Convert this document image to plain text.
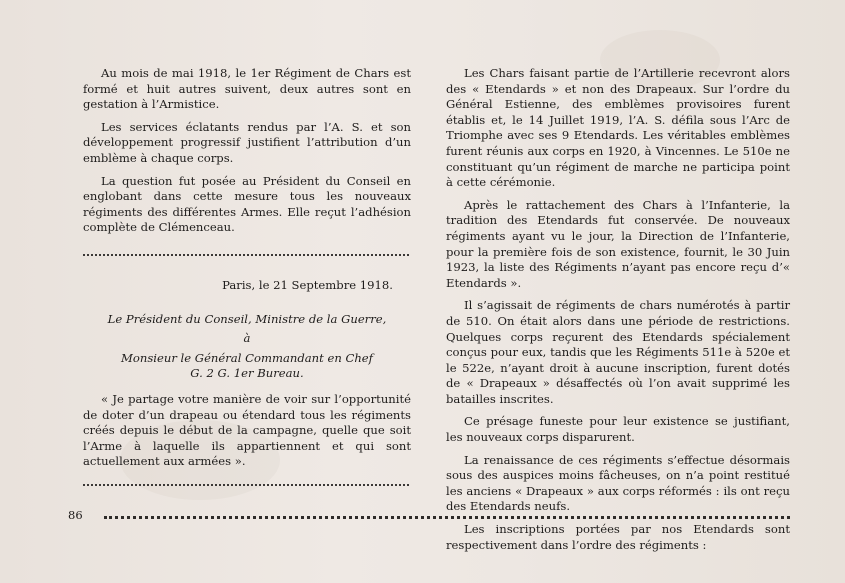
Au mois de mai 1918, le 1er Régiment de Chars est formé et huit autres suivent, deux autres sont en gestation à l’Armistice.

Les services éclatants rendus par l’A. S. et son développement progressif justifient l’attribution d’un emblème à chaque corps.

La question fut posée au Président du Conseil en englobant dans cette mesure tous les nouveaux régiments des différentes Armes. Elle reçut l’adhésion complète de Clémenceau.

Paris, le 21 Septembre 1918.

Le Président du Conseil, Ministre de la Guerre,

à

Monsieur le Général Commandant en Chef

G. 2 G. 1er Bureau.

« Je partage votre manière de voir sur l’opportunité de doter d’un drapeau ou étendard tous les régiments créés depuis le début de la campagne, quelle que soit l’Arme à laquelle ils appartiennent et qui sont actuellement aux armées ».

Les Chars faisant partie de l’Artillerie recevront alors des « Etendards » et non des Drapeaux. Sur l’ordre du Général Estienne, des emblèmes provisoires furent établis et, le 14 Juillet 1919, l’A. S. défila sous l’Arc de Triomphe avec ses 9 Etendards. Les véritables emblèmes furent réunis aux corps en 1920, à Vincennes. Le 510e ne constituant qu’un régiment de marche ne participa point à cette cérémonie.

Après le rattachement des Chars à l’Infanterie, la tradition des Etendards fut conservée. De nouveaux régiments ayant vu le jour, la Direction de l’Infanterie, pour la première fois de son existence, fournit, le 30 Juin 1923, la liste des Régiments n’ayant pas encore reçu d’« Etendards ».

Il s’agissait de régiments de chars numérotés à partir de 510. On était alors dans une période de restrictions. Quelques corps reçurent des Etendards spécialement conçus pour eux, tandis que les Régiments 511e à 520e et le 522e, n’ayant droit à aucune inscription, furent dotés de « Drapeaux » désaffectés où l’on avait supprimé les batailles inscrites.

Ce présage funeste pour leur existence se justifiant, les nouveaux corps disparurent.

La renaissance de ces régiments s’effectue désormais sous des auspices moins fâcheuses, on n’a point restitué les anciens « Drapeaux » aux corps réformés : ils ont reçu des Etendards neufs.

Les inscriptions portées par nos Etendards sont respectivement dans l’ordre des régiments :

86
